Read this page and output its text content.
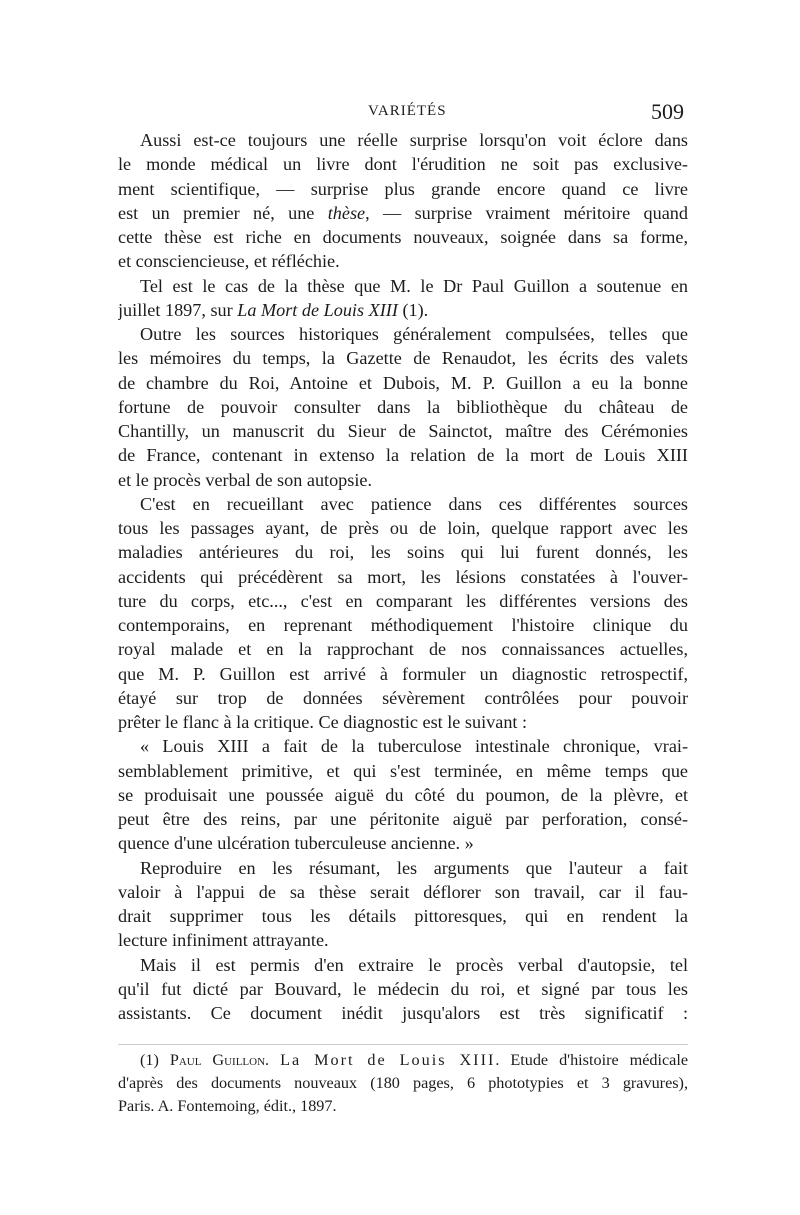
VARIÉTÉS	509
Aussi est-ce toujours une réelle surprise lorsqu'on voit éclore dans
le monde médical un livre dont l'érudition ne soit pas exclusive-
ment scientifique, — surprise plus grande encore quand ce livre
est un premier né, une thèse, — surprise vraiment méritoire quand
cette thèse est riche en documents nouveaux, soignée dans sa forme,
et consciencieuse, et réfléchie.
Tel est le cas de la thèse que M. le Dr Paul Guillon a soutenue en
juillet 1897, sur La Mort de Louis XIII (1).
Outre les sources historiques généralement compulsées, telles que
les mémoires du temps, la Gazette de Renaudot, les écrits des valets
de chambre du Roi, Antoine et Dubois, M. P. Guillon a eu la bonne
fortune de pouvoir consulter dans la bibliothèque du château de
Chantilly, un manuscrit du Sieur de Sainctot, maître des Cérémonies
de France, contenant in extenso la relation de la mort de Louis XIII
et le procès verbal de son autopsie.
C'est en recueillant avec patience dans ces différentes sources
tous les passages ayant, de près ou de loin, quelque rapport avec les
maladies antérieures du roi, les soins qui lui furent donnés, les
accidents qui précédèrent sa mort, les lésions constatées à l'ouver-
ture du corps, etc..., c'est en comparant les différentes versions des
contemporains, en reprenant méthodiquement l'histoire clinique du
royal malade et en la rapprochant de nos connaissances actuelles,
que M. P. Guillon est arrivé à formuler un diagnostic retrospectif,
étayé sur trop de données sévèrement contrôlées pour pouvoir
prêter le flanc à la critique. Ce diagnostic est le suivant :
« Louis XIII a fait de la tuberculose intestinale chronique, vrai-
semblablement primitive, et qui s'est terminée, en même temps que
se produisait une poussée aiguë du côté du poumon, de la plèvre, et
peut être des reins, par une péritonite aiguë par perforation, consé-
quence d'une ulcération tuberculeuse ancienne. »
Reproduire en les résumant, les arguments que l'auteur a fait
valoir à l'appui de sa thèse serait déflorer son travail, car il fau-
drait supprimer tous les détails pittoresques, qui en rendent la
lecture infiniment attrayante.
Mais il est permis d'en extraire le procès verbal d'autopsie, tel
qu'il fut dicté par Bouvard, le médecin du roi, et signé par tous les
assistants. Ce document inédit jusqu'alors est très significatif :
(1) Paul Guillon. La Mort de Louis XIII. Etude d'histoire médicale
d'après des documents nouveaux (180 pages, 6 phototypies et 3 gravures),
Paris. A. Fontemoing, édit., 1897.
